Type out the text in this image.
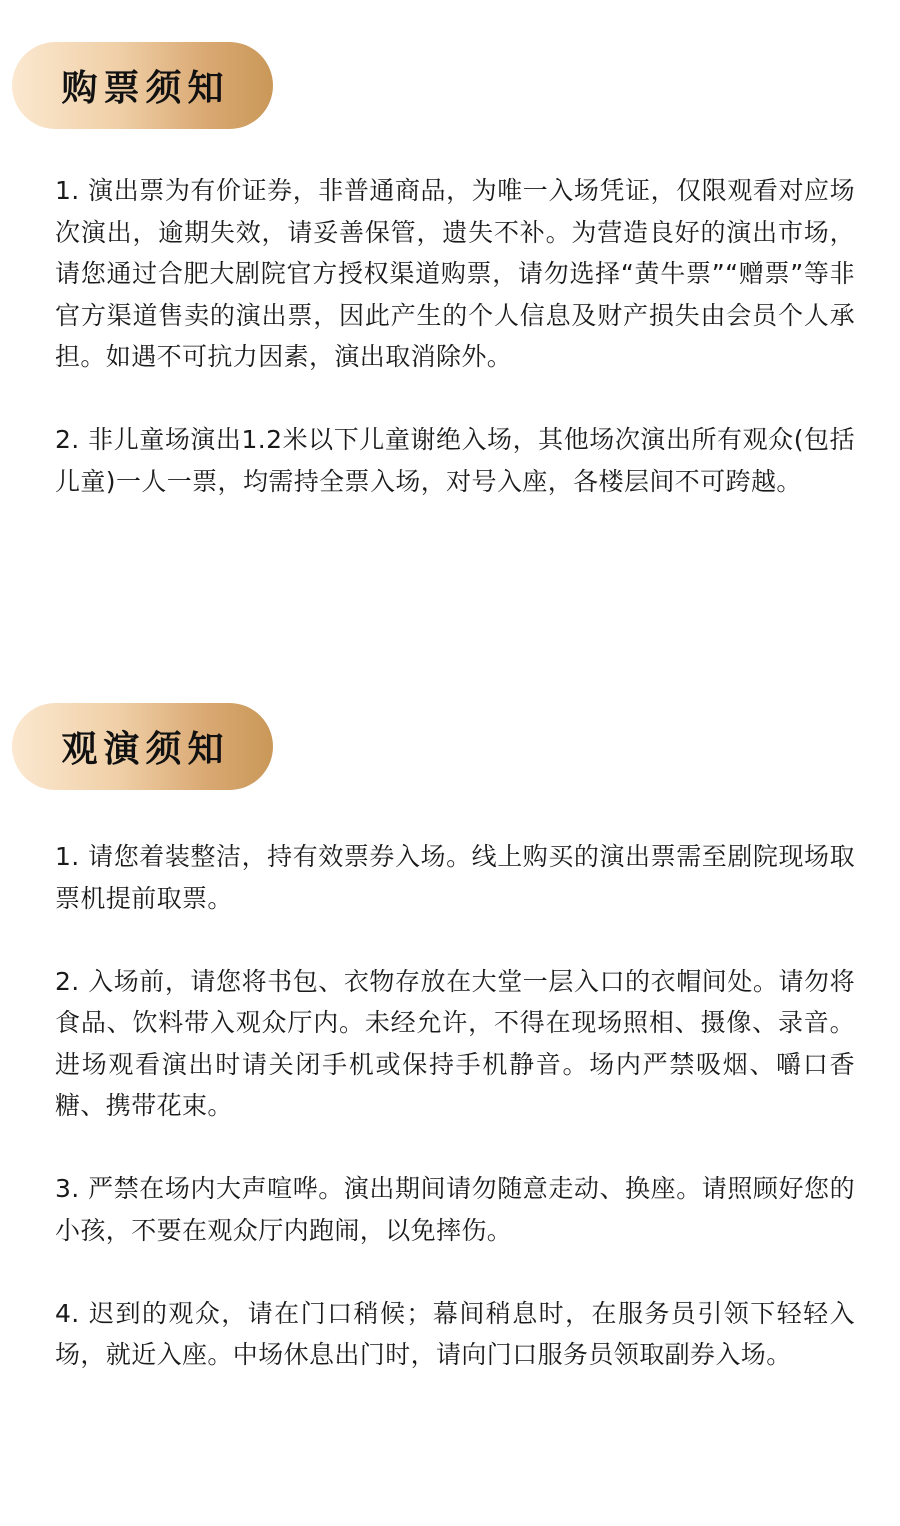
购票须知

1. 演出票为有价证券，非普通商品，为唯一入场凭证，仅限观看对应场次演出，逾期失效，请妥善保管，遗失不补。为营造良好的演出市场，请您通过合肥大剧院官方授权渠道购票，请勿选择“黄牛票”“赠票”等非官方渠道售卖的演出票，因此产生的个人信息及财产损失由会员个人承担。如遇不可抗力因素，演出取消除外。

2. 非儿童场演出1.2米以下儿童谢绝入场，其他场次演出所有观众(包括儿童)一人一票，均需持全票入场，对号入座，各楼层间不可跨越。

观演须知

1. 请您着装整洁，持有效票券入场。线上购买的演出票需至剧院现场取票机提前取票。

2. 入场前，请您将书包、衣物存放在大堂一层入口的衣帽间处。请勿将食品、饮料带入观众厅内。未经允许，不得在现场照相、摄像、录音。进场观看演出时请关闭手机或保持手机静音。场内严禁吸烟、嚼口香糖、携带花束。

3. 严禁在场内大声喧哗。演出期间请勿随意走动、换座。请照顾好您的小孩，不要在观众厅内跑闹，以免摔伤。

4. 迟到的观众，请在门口稍候；幕间稍息时，在服务员引领下轻轻入场，就近入座。中场休息出门时，请向门口服务员领取副券入场。
